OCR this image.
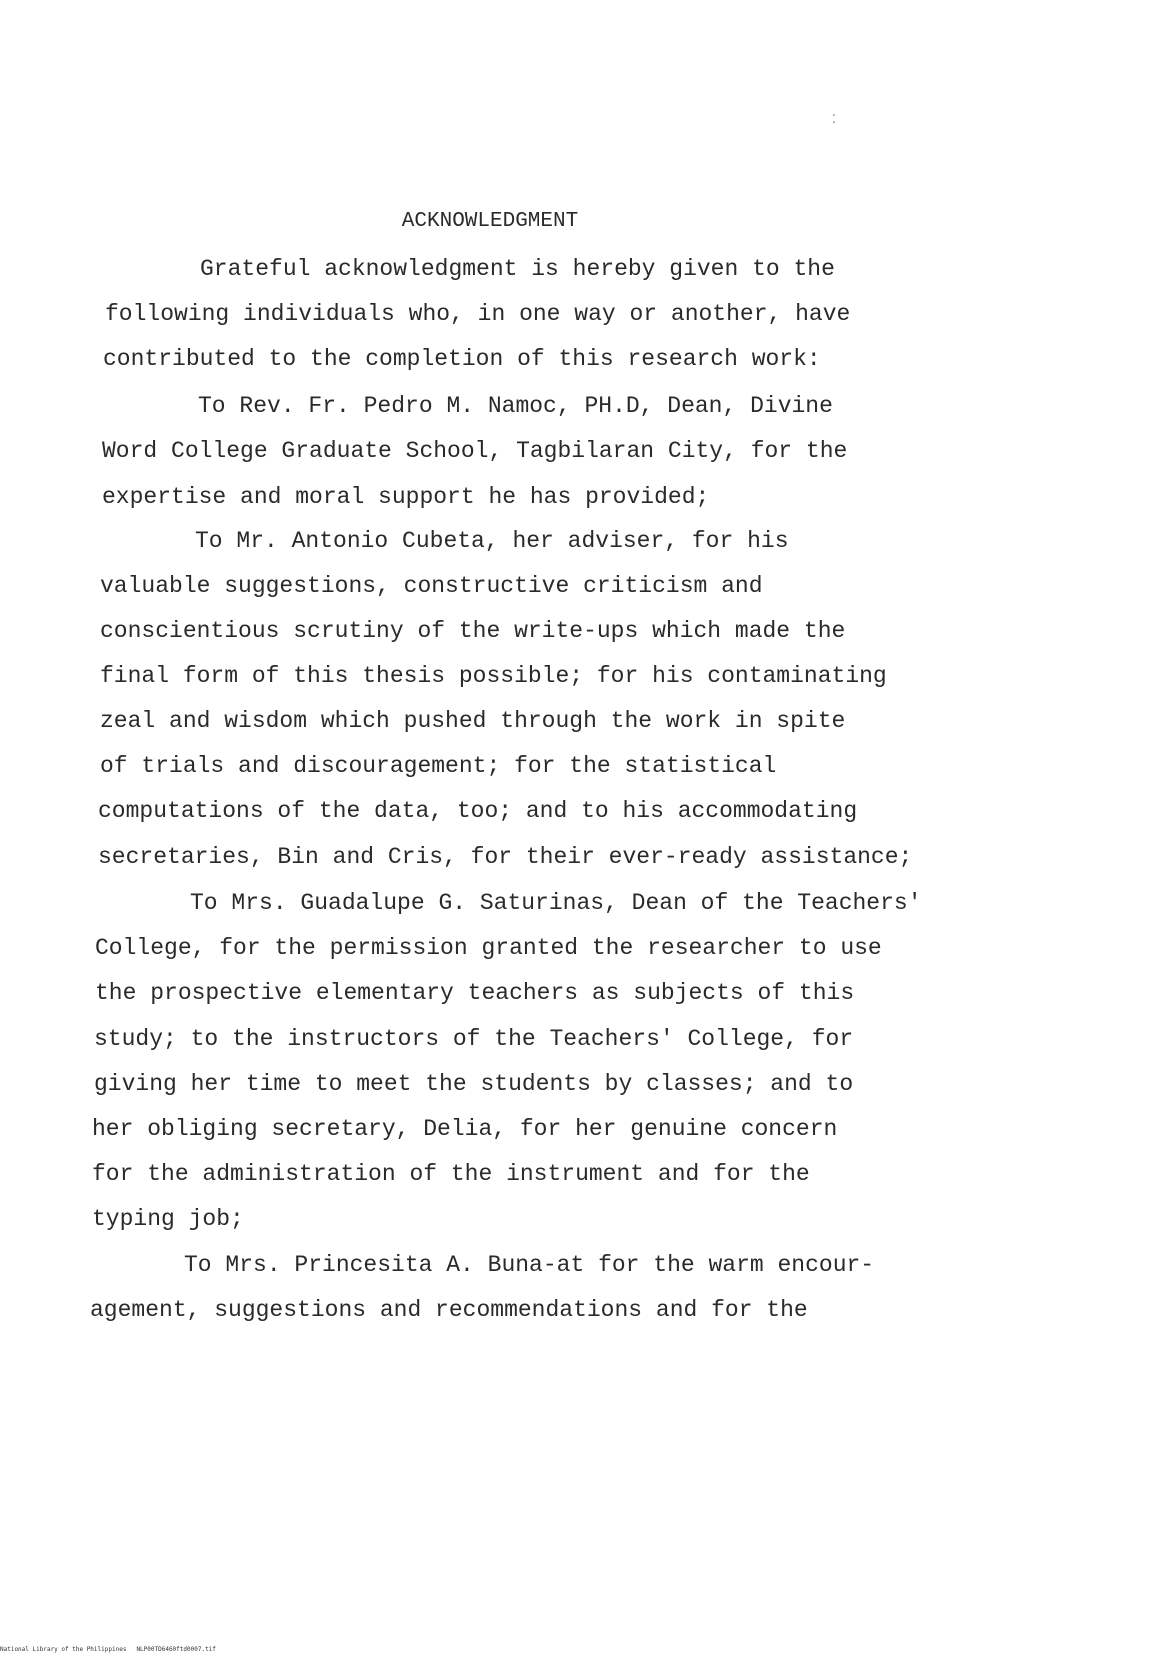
⁚
ACKNOWLEDGMENT
Grateful acknowledgment is hereby given to the
following individuals who, in one way or another, have
contributed to the completion of this research work:
To Rev. Fr. Pedro M. Namoc, PH.D, Dean, Divine
Word College Graduate School, Tagbilaran City, for the
expertise and moral support he has provided;
To Mr. Antonio Cubeta, her adviser, for his
valuable suggestions, constructive criticism and
conscientious scrutiny of the write-ups which made the
final form of this thesis possible; for his contaminating
zeal and wisdom which pushed through the work in spite
of trials and discouragement; for the statistical
computations of the data, too; and to his accommodating
secretaries, Bin and Cris, for their ever-ready assistance;
To Mrs. Guadalupe G. Saturinas, Dean of the Teachers'
College, for the permission granted the researcher to use
the prospective elementary teachers as subjects of this
study; to the instructors of the Teachers' College, for
giving her time to meet the students by classes; and to
her obliging secretary, Delia, for her genuine concern
for the administration of the instrument and for the
typing job;
To Mrs. Princesita A. Buna-at for the warm encour-
agement, suggestions and recommendations and for the
National Library of the Philippines NLP00TD6460ftd0007.tif
